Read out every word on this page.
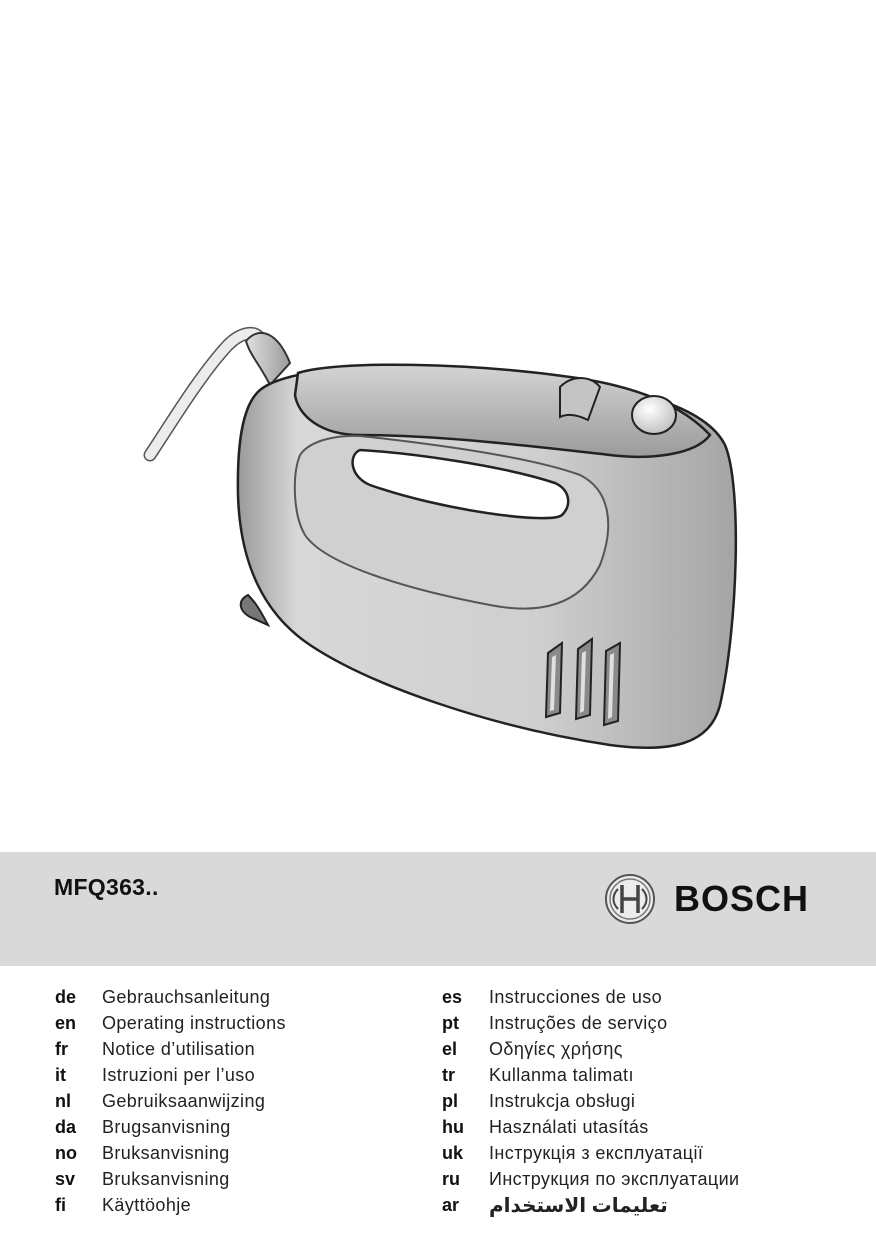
MFQ363..	BOSCH
de	Gebrauchsanleitung
en	Operating instructions
fr	Notice d’utilisation
it	Istruzioni per l’uso
nl	Gebruiksaanwijzing
da	Brugsanvisning
no	Bruksanvisning
sv	Bruksanvisning
fi	Käyttöohje
es	Instrucciones de uso
pt	Instruções de serviço
el	Οδηγίες χρήσης
tr	Kullanma talimatı
pl	Instrukcja obsługi
hu	Használati utasítás
uk	Інструкція з експлуатації
ru	Инструкция по эксплуатации
ar	تعليمات الاستخدام
